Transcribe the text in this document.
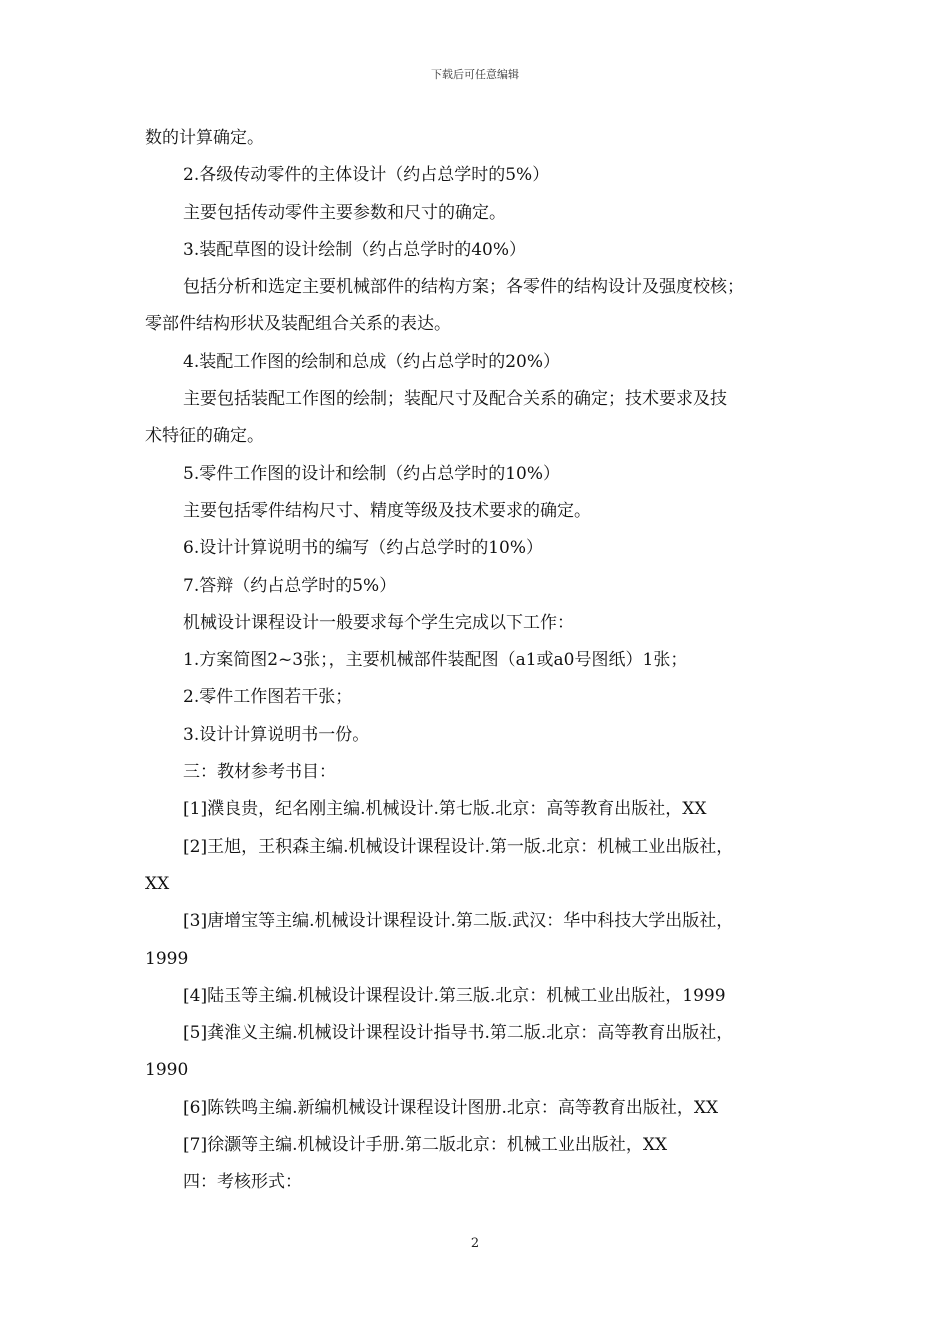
下载后可任意编辑
数的计算确定。
2.各级传动零件的主体设计（约占总学时的5%）
主要包括传动零件主要参数和尺寸的确定。
3.装配草图的设计绘制（约占总学时的40%）
包括分析和选定主要机械部件的结构方案；各零件的结构设计及强度校核；
零部件结构形状及装配组合关系的表达。
4.装配工作图的绘制和总成（约占总学时的20%）
主要包括装配工作图的绘制；装配尺寸及配合关系的确定；技术要求及技
术特征的确定。
5.零件工作图的设计和绘制（约占总学时的10%）
主要包括零件结构尺寸、精度等级及技术要求的确定。
6.设计计算说明书的编写（约占总学时的10%）
7.答辩（约占总学时的5%）
机械设计课程设计一般要求每个学生完成以下工作：
1.方案简图2~3张；，主要机械部件装配图（a1或a0号图纸）1张；
2.零件工作图若干张；
3.设计计算说明书一份。
三：教材参考书目：
[1]濮良贵，纪名刚主编.机械设计.第七版.北京：高等教育出版社，XX
[2]王旭，王积森主编.机械设计课程设计.第一版.北京：机械工业出版社，
XX
[3]唐增宝等主编.机械设计课程设计.第二版.武汉：华中科技大学出版社，
1999
[4]陆玉等主编.机械设计课程设计.第三版.北京：机械工业出版社，1999
[5]龚淮义主编.机械设计课程设计指导书.第二版.北京：高等教育出版社，
1990
[6]陈铁鸣主编.新编机械设计课程设计图册.北京：高等教育出版社，XX
[7]徐灏等主编.机械设计手册.第二版北京：机械工业出版社，XX
四：考核形式：
2
